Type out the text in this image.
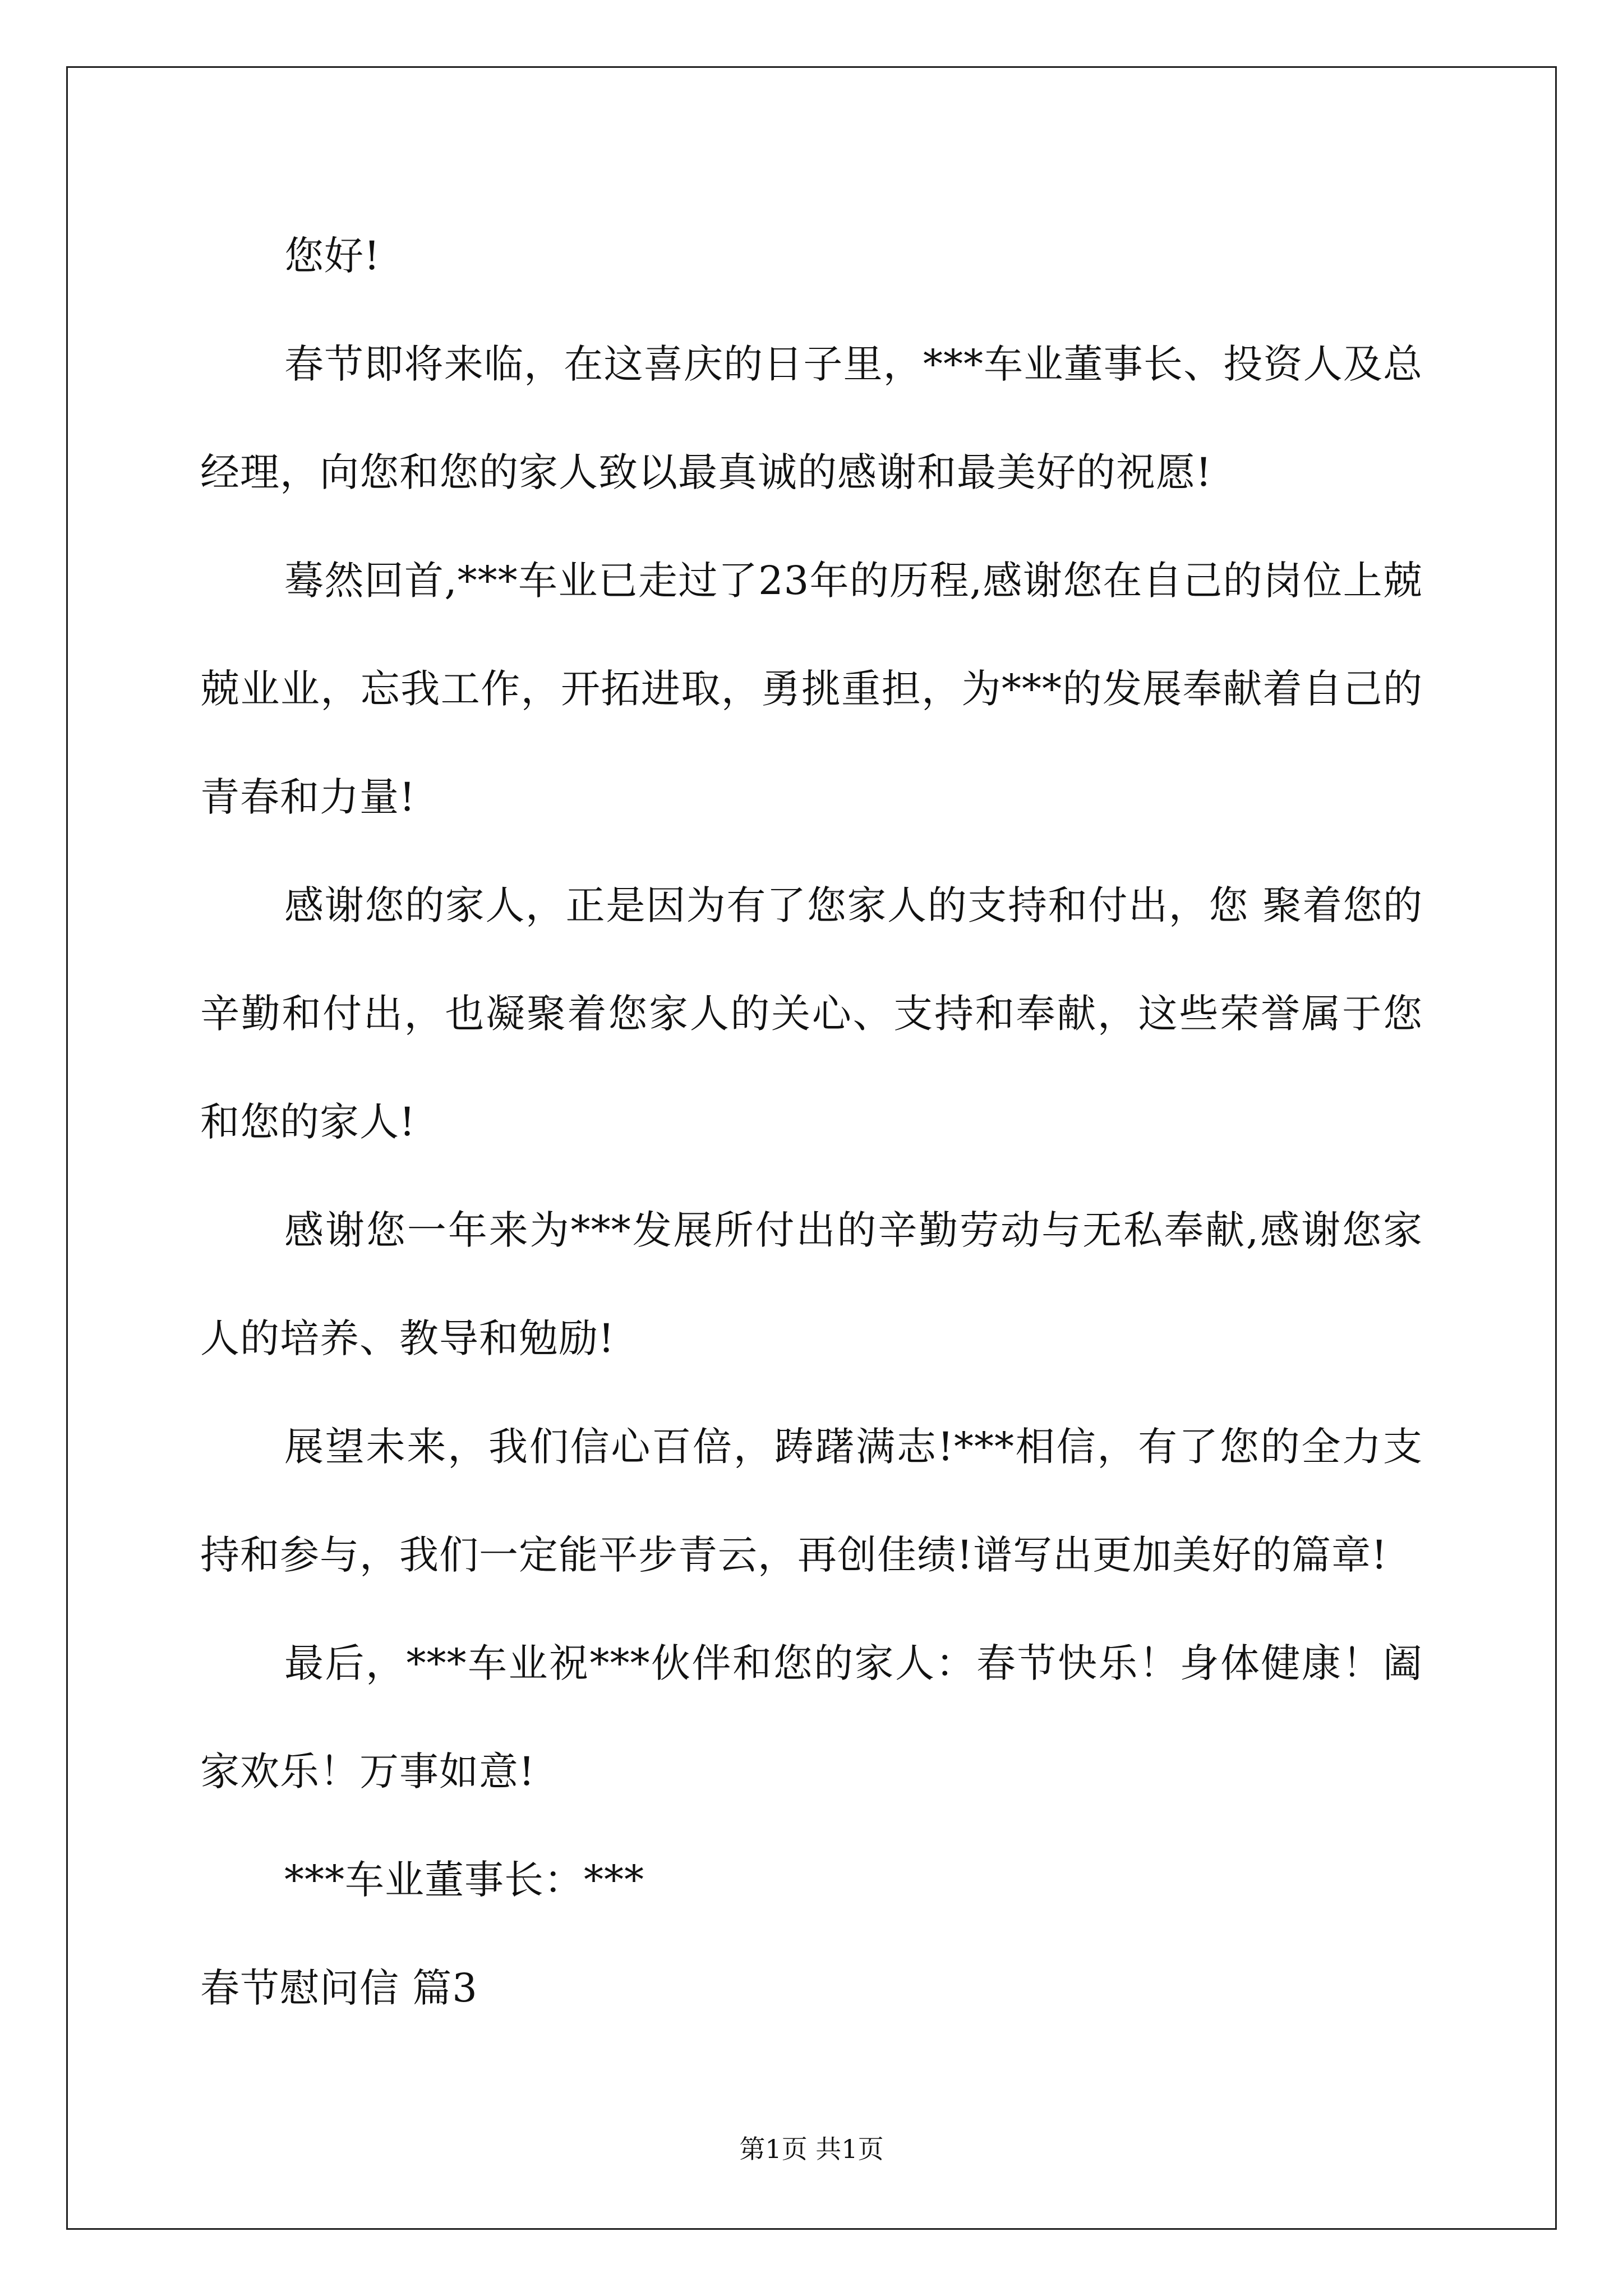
您好!

春节即将来临，在这喜庆的日子里，***车业董事长、投资人及总经理，向您和您的家人致以最真诚的感谢和最美好的祝愿!

蓦然回首,***车业已走过了23年的历程,感谢您在自己的岗位上兢兢业业，忘我工作，开拓进取，勇挑重担，为***的发展奉献着自己的青春和力量!

感谢您的家人，正是因为有了您家人的支持和付出，您 聚着您的辛勤和付出，也凝聚着您家人的关心、支持和奉献，这些荣誉属于您和您的家人!

感谢您一年来为***发展所付出的辛勤劳动与无私奉献,感谢您家人的培养、教导和勉励!

展望未来，我们信心百倍，踌躇满志!***相信，有了您的全力支持和参与，我们一定能平步青云，再创佳绩!谱写出更加美好的篇章!

最后，***车业祝***伙伴和您的家人：春节快乐！身体健康！阖家欢乐！万事如意!

***车业董事长：***

春节慰问信 篇3

第1页 共1页
